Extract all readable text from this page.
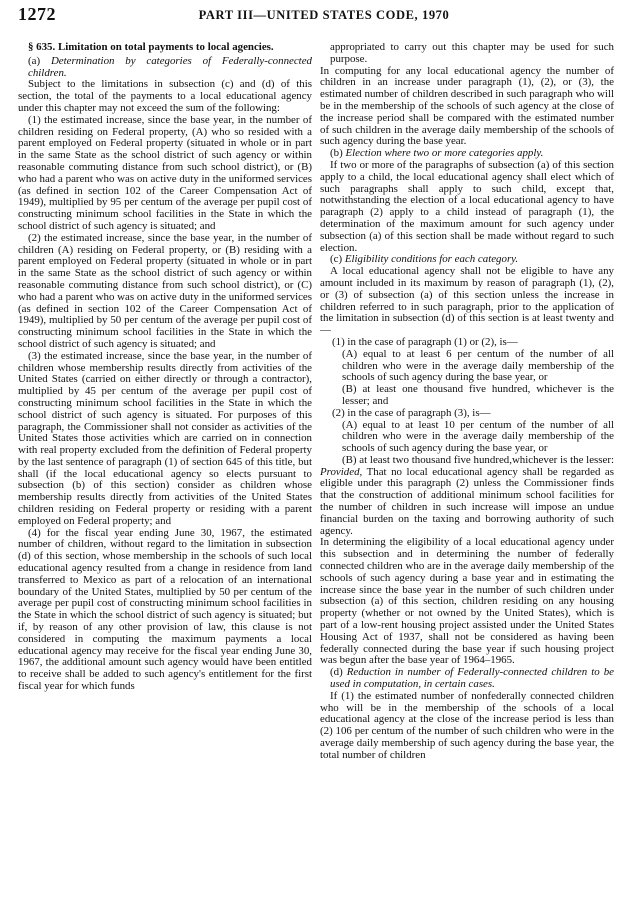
1272	PART III—UNITED STATES CODE, 1970

§ 635. Limitation on total payments to local agencies.

(a) Determination by categories of Federally-connected children.

Subject to the limitations in subsection (c) and (d) of this section, the total of the payments to a local educational agency under this chapter may not exceed the sum of the following:

(1) the estimated increase, since the base year, in the number of children residing on Federal property, (A) who so resided with a parent employed on Federal property (situated in whole or in part in the same State as the school district of such agency or within reasonable commuting distance from such school district), or (B) who had a parent who was on active duty in the uniformed services (as defined in section 102 of the Career Compensation Act of 1949), multiplied by 95 per centum of the average per pupil cost of constructing minimum school facilities in the State in which the school district of such agency is situated; and

(2) the estimated increase, since the base year, in the number of children (A) residing on Federal property, or (B) residing with a parent employed on Federal property (situated in whole or in part in the same State as the school district of such agency or within reasonable commuting distance from such school district), or (C) who had a parent who was on active duty in the uniformed services (as defined in section 102 of the Career Compensation Act of 1949), multiplied by 50 per centum of the average per pupil cost of constructing minimum school facilities in the State in which the school district of such agency is situated; and

(3) the estimated increase, since the base year, in the number of children whose membership results directly from activities of the United States (carried on either directly or through a contractor), multiplied by 45 per centum of the average per pupil cost of constructing minimum school facilities in the State in which the school district of such agency is situated. For purposes of this paragraph, the Commissioner shall not consider as activities of the United States those activities which are carried on in connection with real property excluded from the definition of Federal property by the last sentence of paragraph (1) of section 645 of this title, but shall (if the local educational agency so elects pursuant to subsection (b) of this section) consider as children whose membership results directly from activities of the United States children residing on Federal property or residing with a parent employed on Federal property; and

(4) for the fiscal year ending June 30, 1967, the estimated number of children, without regard to the limitation in subsection (d) of this section, whose membership in the schools of such local educational agency resulted from a change in residence from land transferred to Mexico as part of a relocation of an international boundary of the United States, multiplied by 50 per centum of the average per pupil cost of constructing minimum school facilities in the State in which the school district of such agency is situated; but if, by reason of any other provision of law, this clause is not considered in computing the maximum payments a local educational agency may receive for the fiscal year ending June 30, 1967, the additional amount such agency would have been entitled to receive shall be added to such agency's entitlement for the first fiscal year for which funds

appropriated to carry out this chapter may be used for such purpose.

In computing for any local educational agency the number of children in an increase under paragraph (1), (2), or (3), the estimated number of children described in such paragraph who will be in the membership of the schools of such agency at the close of the increase period shall be compared with the estimated number of such children in the average daily membership of the schools of such agency during the base year.

(b) Election where two or more categories apply.

If two or more of the paragraphs of subsection (a) of this section apply to a child, the local educational agency shall elect which of such paragraphs shall apply to such child, except that, notwithstanding the election of a local educational agency to have paragraph (2) apply to a child instead of paragraph (1), the determination of the maximum amount for such agency under subsection (a) of this section shall be made without regard to such election.

(c) Eligibility conditions for each category.

A local educational agency shall not be eligible to have any amount included in its maximum by reason of paragraph (1), (2), or (3) of subsection (a) of this section unless the increase in children referred to in such paragraph, prior to the application of the limitation in subsection (d) of this section is at least twenty and—

(1) in the case of paragraph (1) or (2), is—

(A) equal to at least 6 per centum of the number of all children who were in the average daily membership of the schools of such agency during the base year, or

(B) at least one thousand five hundred, whichever is the lesser; and

(2) in the case of paragraph (3), is—

(A) equal to at least 10 per centum of the number of all children who were in the average daily membership of the schools of such agency during the base year, or

(B) at least two thousand five hundred,whichever is the lesser: Provided, That no local educational agency shall be regarded as eligible under this paragraph (2) unless the Commissioner finds that the construction of additional minimum school facilities for the number of children in such increase will impose an undue financial burden on the taxing and borrowing authority of such agency.

In determining the eligibility of a local educational agency under this subsection and in determining the number of federally connected children who are in the average daily membership of the schools of such agency during a base year and in estimating the increase since the base year in the number of such children under subsection (a) of this section, children residing on any housing property (whether or not owned by the United States), which is part of a low-rent housing project assisted under the United States Housing Act of 1937, shall not be considered as having been federally connected during the base year if such housing project was begun after the base year of 1964–1965.

(d) Reduction in number of Federally-connected children to be used in computation, in certain cases.

If (1) the estimated number of nonfederally connected children who will be in the membership of the schools of a local educational agency at the close of the increase period is less than (2) 106 per centum of the number of such children who were in the average daily membership of such agency during the base year, the total number of children
